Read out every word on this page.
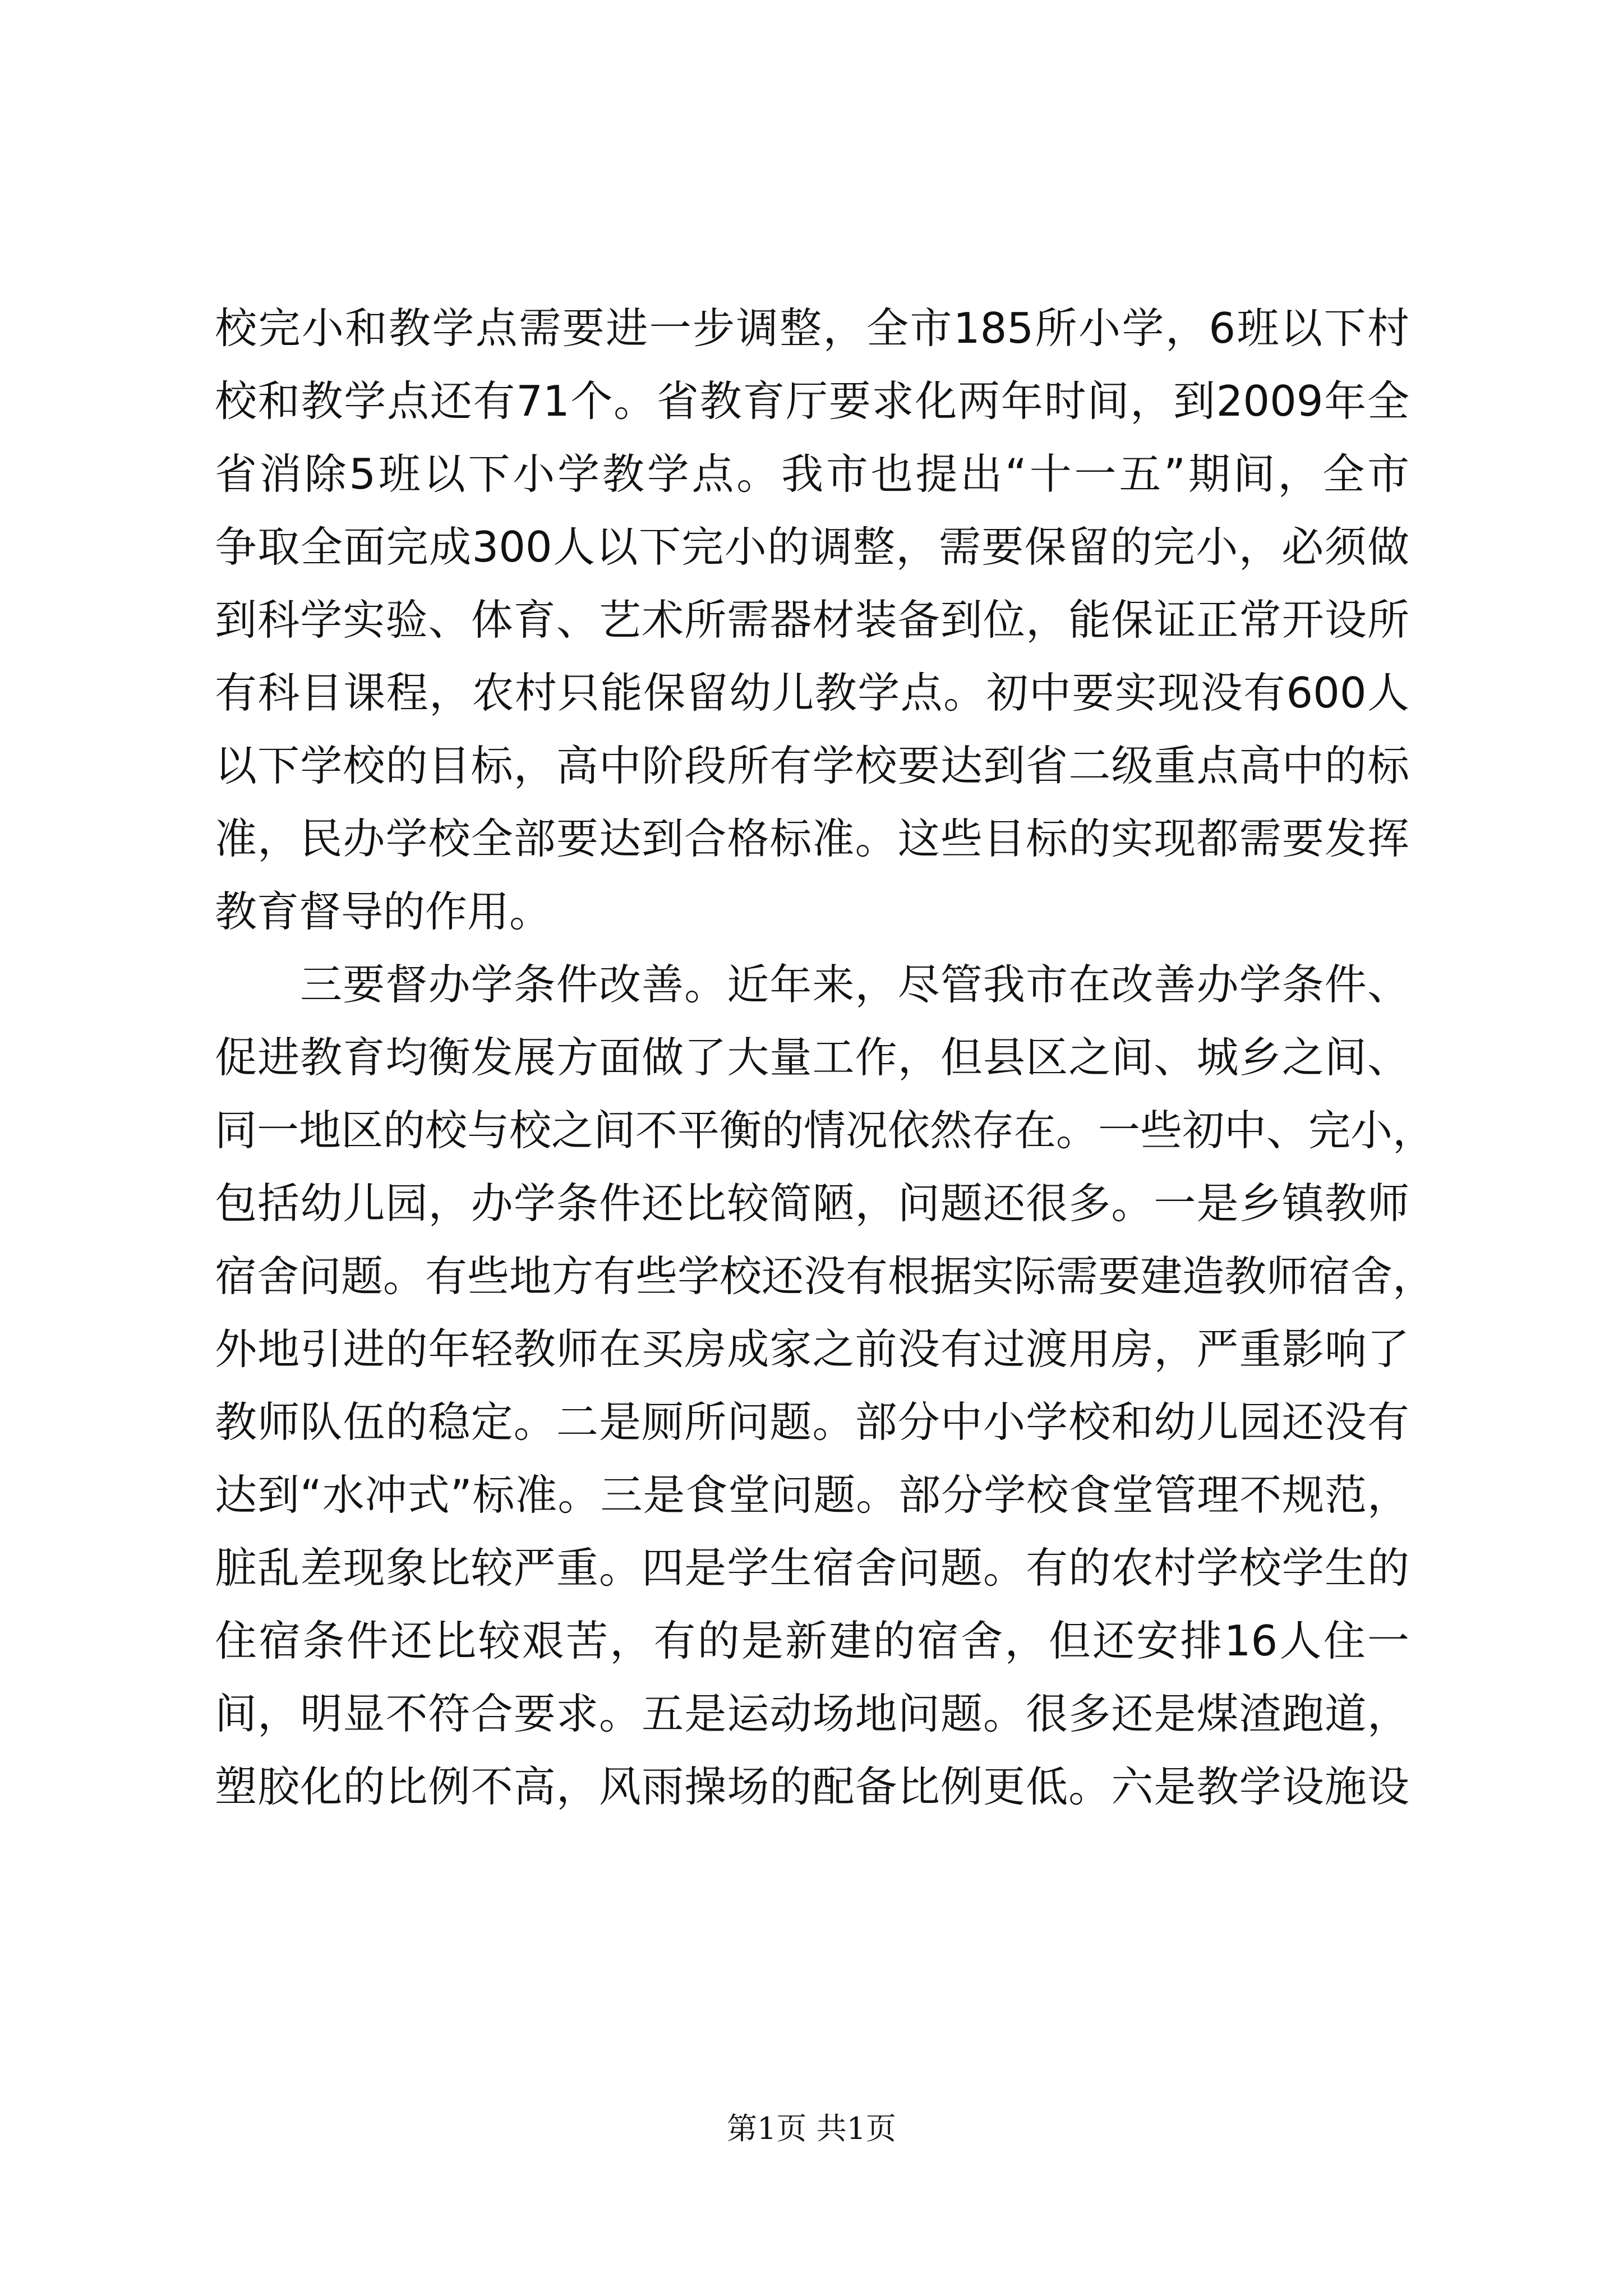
校完小和教学点需要进一步调整，全市185所小学，6班以下村
校和教学点还有71个。省教育厅要求化两年时间，到2009年全
省消除5班以下小学教学点。我市也提出“十一五”期间，全市
争取全面完成300人以下完小的调整，需要保留的完小，必须做
到科学实验、体育、艺术所需器材装备到位，能保证正常开设所
有科目课程，农村只能保留幼儿教学点。初中要实现没有600人
以下学校的目标，高中阶段所有学校要达到省二级重点高中的标
准，民办学校全部要达到合格标准。这些目标的实现都需要发挥
教育督导的作用。
三要督办学条件改善。近年来，尽管我市在改善办学条件、
促进教育均衡发展方面做了大量工作，但县区之间、城乡之间、
同一地区的校与校之间不平衡的情况依然存在。一些初中、完小，
包括幼儿园，办学条件还比较简陋，问题还很多。一是乡镇教师
宿舍问题。有些地方有些学校还没有根据实际需要建造教师宿舍，
外地引进的年轻教师在买房成家之前没有过渡用房，严重影响了
教师队伍的稳定。二是厕所问题。部分中小学校和幼儿园还没有
达到“水冲式”标准。三是食堂问题。部分学校食堂管理不规范，
脏乱差现象比较严重。四是学生宿舍问题。有的农村学校学生的
住宿条件还比较艰苦，有的是新建的宿舍，但还安排16人住一
间，明显不符合要求。五是运动场地问题。很多还是煤渣跑道，
塑胶化的比例不高，风雨操场的配备比例更低。六是教学设施设
第1页 共1页
